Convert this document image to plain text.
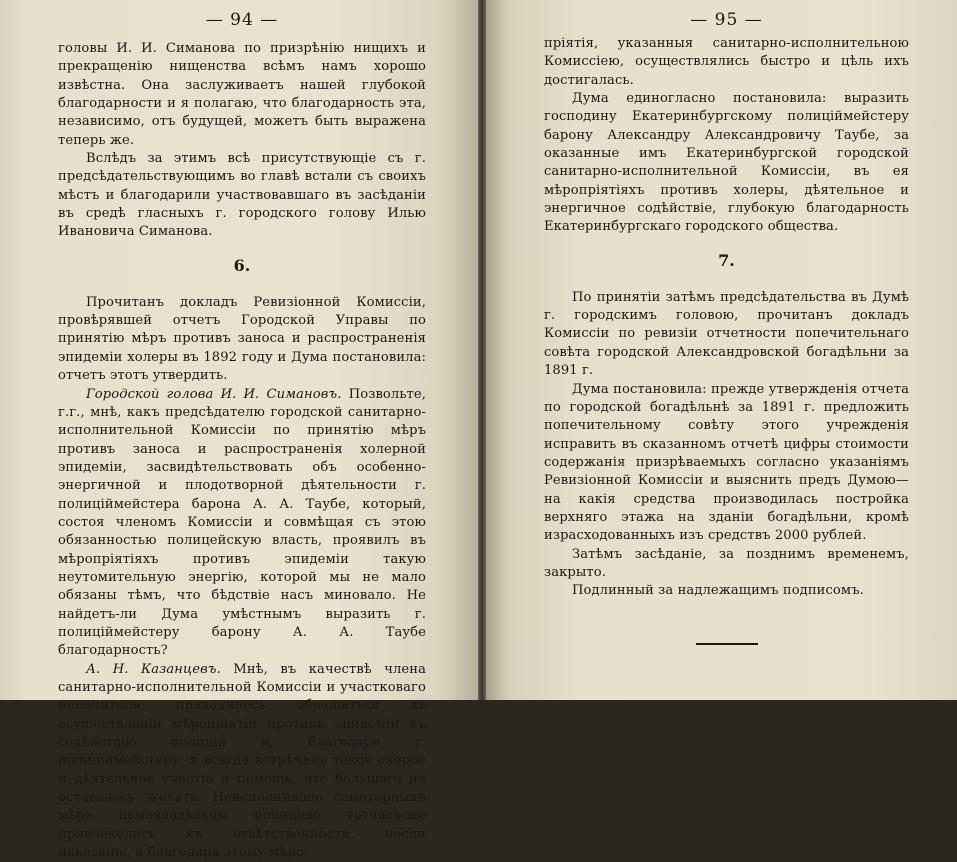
— 94 —

головы И. И. Симанова по призрѣнію нищихъ и прекращенію нищенства всѣмъ намъ хорошо извѣстна. Она заслуживаетъ нашей глубокой благодарности и я полагаю, что благодарность эта, независимо, отъ будущей, можетъ быть выражена теперь же.

Вслѣдъ за этимъ всѣ присутствующіе съ г. предсѣдательствующимъ во главѣ встали съ своихъ мѣстъ и благодарили участвовавшаго въ засѣданіи въ средѣ гласныхъ г. городского голову Илью Ивановича Симанова.

6.

Прочитанъ докладъ Ревизіонной Комиссіи, провѣрявшей отчетъ Городской Управы по принятію мѣръ противъ заноса и распространенія эпидеміи холеры въ 1892 году и Дума постановила: отчетъ этотъ утвердить.

Городской голова И. И. Симановъ. Позвольте, г.г., мнѣ, какъ предсѣдателю городской санитарно-исполнительной Комиссіи по принятію мѣръ противъ заноса и распространенія холерной эпидеміи, засвидѣтельствовать объ особенно-энергичной и плодотворной дѣятельности г. полиціймейстера барона А. А. Таубе, который, состоя членомъ Комиссіи и совмѣщая съ этою обязанностью полицейскую власть, проявилъ въ мѣропріятіяхъ противъ эпидеміи такую неутомительную энергію, которой мы не мало обязаны тѣмъ, что бѣдствіе насъ миновало. Не найдетъ-ли Дума умѣстнымъ выразить г. полиціймейстеру барону А. А. Таубе благодарность?

А. Н. Казанцевъ. Мнѣ, въ качествѣ члена санитарно-исполнительной Комиссіи и участковаго попечителя, приходилось обращаться въ осуществленіи мѣропріятій противъ эпидеміи къ содѣйствію полиціи и, благодаря г. полиціймейстеру, я всегда встрѣчалъ такое скорое и дѣятельное участіе и помощь, что большаго не оставалось желать. Неисполнившіе санитарныхъ мѣръ домовладѣльцы полиціею тотчасъ-же привлекались къ отвѣтственности, несли наказаніе, а благодаря этому мѣро-

— 95 —

пріятія, указанныя санитарно-исполнительною Комиссіею, осуществлялись быстро и цѣль ихъ достигалась.

Дума единогласно постановила: выразить господину Екатеринбургскому полиціймейстеру барону Александру Александровичу Таубе, за оказанные имъ Екатеринбургской городской санитарно-исполнительной Комиссіи, въ ея мѣропріятіяхъ противъ холеры, дѣятельное и энергичное содѣйствіе, глубокую благодарность Екатеринбургскаго городского общества.

7.

По принятіи затѣмъ предсѣдательства въ Думѣ г. городскимъ головою, прочитанъ докладъ Комиссіи по ревизіи отчетности попечительнаго совѣта городской Александровской богадѣльни за 1891 г.

Дума постановила: прежде утвержденія отчета по городской богадѣльнѣ за 1891 г. предложить попечительному совѣту этого учрежденія исправить въ сказанномъ отчетѣ цифры стоимости содержанія призрѣваемыхъ согласно указаніямъ Ревизіонной Комиссіи и выяснить предъ Думою—на какія средства производилась постройка верхняго этажа на зданіи богадѣльни, кромѣ израсходованныхъ изъ средствъ 2000 рублей.

Затѣмъ засѣданіе, за позднимъ временемъ, закрыто.

Подлинный за надлежащимъ подписомъ.
